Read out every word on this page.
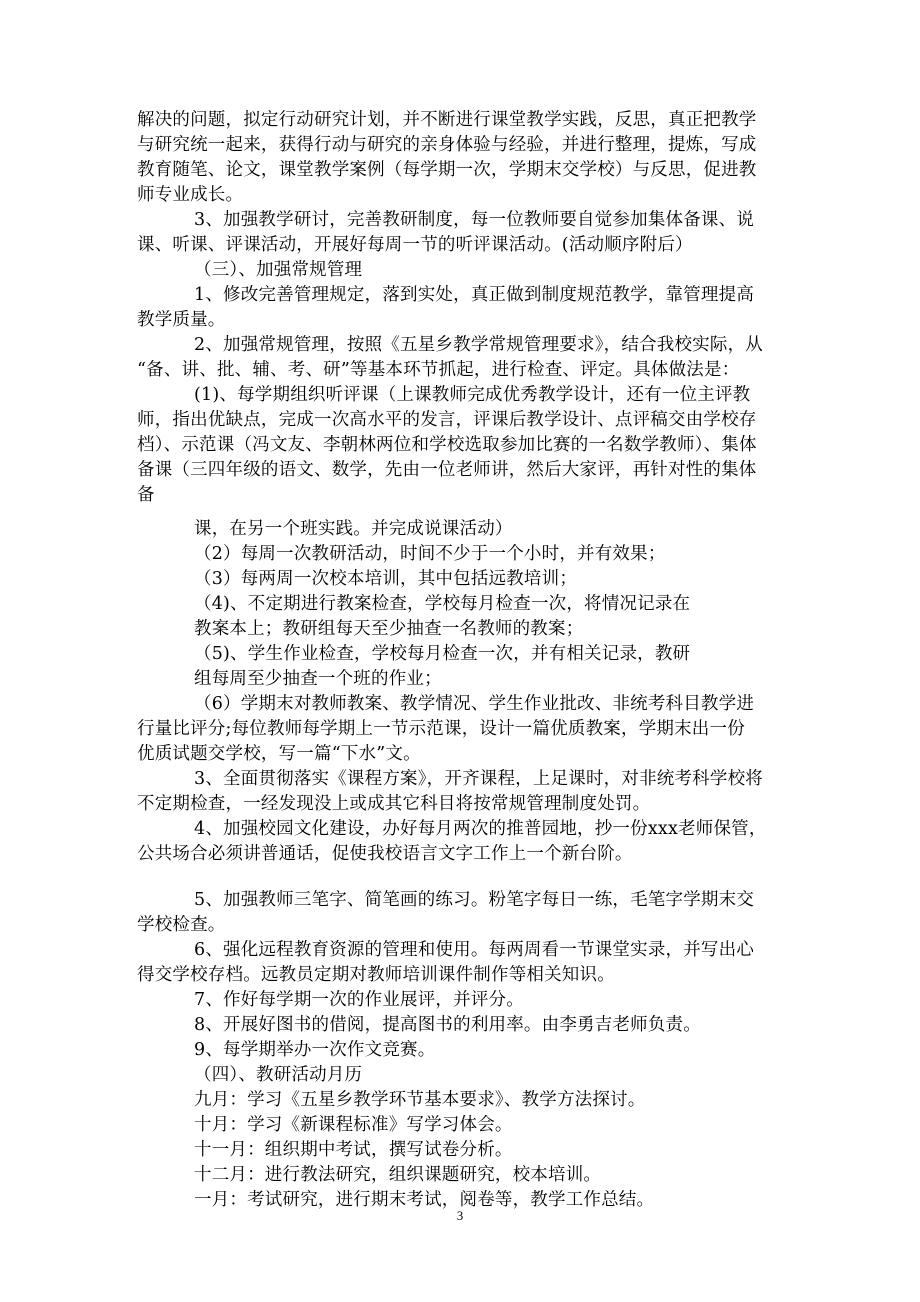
解决的问题，拟定行动研究计划，并不断进行课堂教学实践，反思，真正把教学
与研究统一起来，获得行动与研究的亲身体验与经验，并进行整理，提炼，写成
教育随笔、论文，课堂教学案例（每学期一次，学期末交学校）与反思，促进教
师专业成长。
3、加强教学研讨，完善教研制度，每一位教师要自觉参加集体备课、说
课、听课、评课活动，开展好每周一节的听评课活动。(活动顺序附后）
（三）、加强常规管理
1、修改完善管理规定，落到实处，真正做到制度规范教学，靠管理提高
教学质量。
2、加强常规管理，按照《五星乡教学常规管理要求》，结合我校实际，从
“备、讲、批、辅、考、研”等基本环节抓起，进行检查、评定。具体做法是：
(1)、每学期组织听评课（上课教师完成优秀教学设计，还有一位主评教
师，指出优缺点，完成一次高水平的发言，评课后教学设计、点评稿交由学校存
档）、示范课（冯文友、李朝林两位和学校选取参加比赛的一名数学教师）、集体
备课（三四年级的语文、数学，先由一位老师讲，然后大家评，再针对性的集体
备
课，在另一个班实践。并完成说课活动）
（2）每周一次教研活动，时间不少于一个小时，并有效果；
（3）每两周一次校本培训，其中包括远教培训；
（4)、不定期进行教案检查，学校每月检查一次，将情况记录在
教案本上；教研组每天至少抽查一名教师的教案；
（5)、学生作业检查，学校每月检查一次，并有相关记录，教研
组每周至少抽查一个班的作业；
（6）学期末对教师教案、教学情况、学生作业批改、非统考科目教学进
行量比评分;每位教师每学期上一节示范课，设计一篇优质教案，学期末出一份
优质试题交学校，写一篇“下水”文。
3、全面贯彻落实《课程方案》，开齐课程，上足课时，对非统考科学校将
不定期检查，一经发现没上或成其它科目将按常规管理制度处罚。
4、加强校园文化建设，办好每月两次的推普园地，抄一份xxx老师保管，
公共场合必须讲普通话，促使我校语言文字工作上一个新台阶。
5、加强教师三笔字、简笔画的练习。粉笔字每日一练，毛笔字学期末交
学校检查。
6、强化远程教育资源的管理和使用。每两周看一节课堂实录，并写出心
得交学校存档。远教员定期对教师培训课件制作等相关知识。
7、作好每学期一次的作业展评，并评分。
8、开展好图书的借阅，提高图书的利用率。由李勇吉老师负责。
9、每学期举办一次作文竞赛。
（四）、教研活动月历
九月：学习《五星乡教学环节基本要求》、教学方法探讨。
十月：学习《新课程标准》写学习体会。
十一月：组织期中考试，撰写试卷分析。
十二月：进行教法研究，组织课题研究，校本培训。
一月：考试研究，进行期末考试，阅卷等，教学工作总结。
3
